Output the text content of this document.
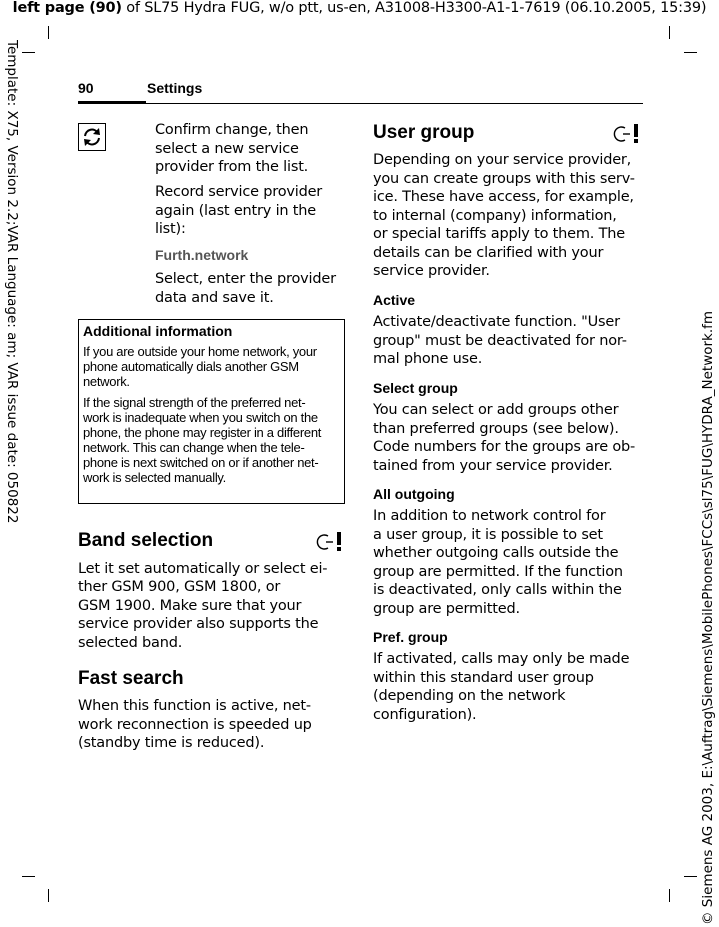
left page (90) of SL75 Hydra FUG, w/o ptt, us-en, A31008-H3300-A1-1-7619 (06.10.2005, 15:39)
Template: X75, Version 2.2;VAR Language: am; VAR issue date: 050822
© Siemens AG 2003, E:\Auftrag\Siemens\MobilePhones\FCCs\sl75\FUG\HYDRA_Network.fm
90	Settings

Confirm change, then

select a new service

provider from the list.

Record service provider

again (last entry in the

list):

Furth.network

Select, enter the provider

data and save it.

Additional information

If you are outside your home network, your
phone automatically dials another GSM
network.
If the signal strength of the preferred net-
work is inadequate when you switch on the
phone, the phone may register in a different
network. This can change when the tele-
phone is next switched on or if another net-
work is selected manually.
Band selection

Let it set automatically or select ei-

ther GSM 900, GSM 1800, or

GSM 1900. Make sure that your

service provider also supports the

selected band.

Fast search

When this function is active, net-

work reconnection is speeded up

(standby time is reduced).

User group

Depending on your service provider,

you can create groups with this serv-

ice. These have access, for example,

to internal (company) information,

or special tariffs apply to them. The

details can be clarified with your

service provider.

Active

Activate/deactivate function. "User

group" must be deactivated for nor-

mal phone use.

Select group

You can select or add groups other

than preferred groups (see below).

Code numbers for the groups are ob-

tained from your service provider.

All outgoing

In addition to network control for

a user group, it is possible to set

whether outgoing calls outside the

group are permitted. If the function

is deactivated, only calls within the

group are permitted.

Pref. group

If activated, calls may only be made

within this standard user group

(depending on the network

configuration).
